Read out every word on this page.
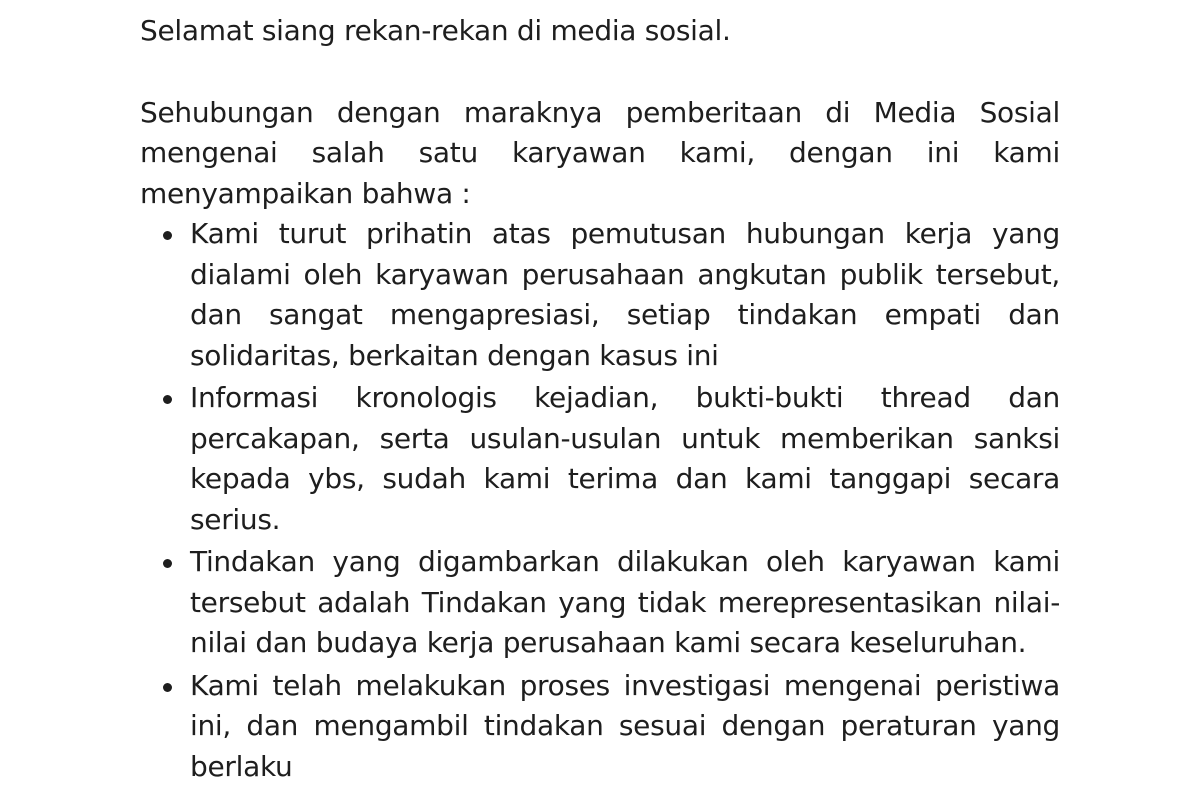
Selamat siang rekan-rekan di media sosial.

Sehubungan dengan maraknya pemberitaan di Media Sosial mengenai salah satu karyawan kami, dengan ini kami menyampaikan bahwa :

Kami turut prihatin atas pemutusan hubungan kerja yang dialami oleh karyawan perusahaan angkutan publik tersebut, dan sangat mengapresiasi, setiap tindakan empati dan solidaritas, berkaitan dengan kasus ini
Informasi kronologis kejadian, bukti-bukti thread dan percakapan, serta usulan-usulan untuk memberikan sanksi kepada ybs, sudah kami terima dan kami tanggapi secara serius.
Tindakan yang digambarkan dilakukan oleh karyawan kami tersebut adalah Tindakan yang tidak merepresentasikan nilai-nilai dan budaya kerja perusahaan kami secara keseluruhan.
Kami telah melakukan proses investigasi mengenai peristiwa ini, dan mengambil tindakan sesuai dengan peraturan yang berlaku
